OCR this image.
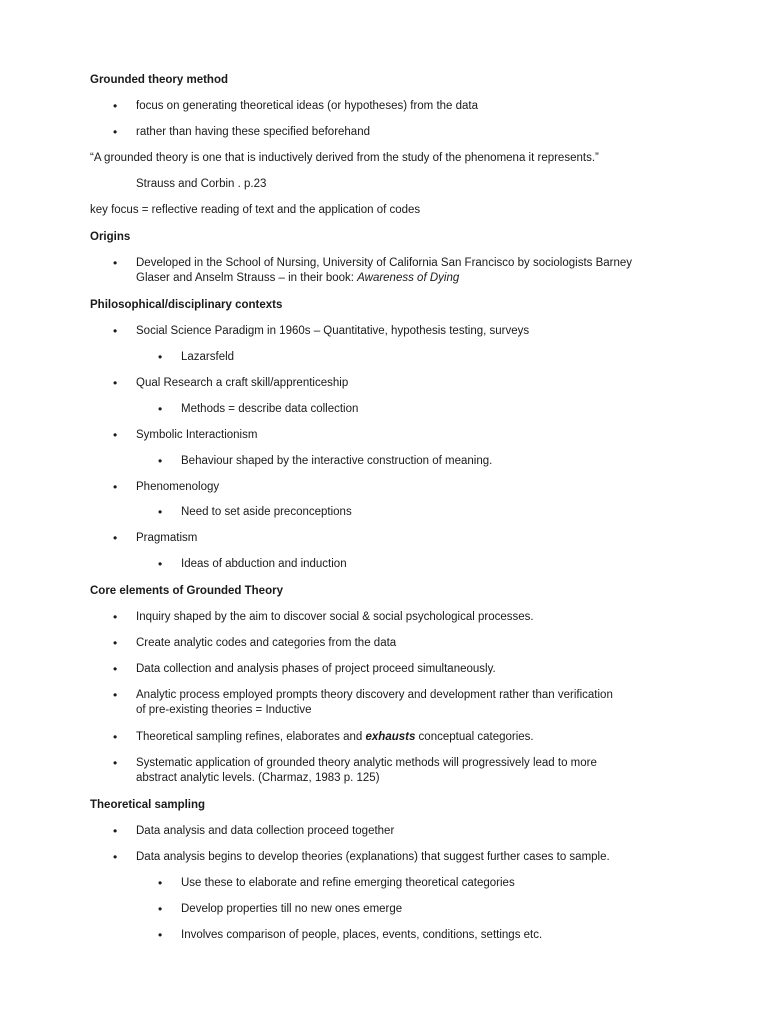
Grounded theory method
• focus on generating theoretical ideas (or hypotheses) from the data
• rather than having these specified beforehand
“A grounded theory is one that is inductively derived from the study of the phenomena it represents.”
Strauss and Corbin . p.23
key focus = reflective reading of text and the application of codes
Origins
• Developed in the School of Nursing, University of California San Francisco by sociologists Barney
Glaser and Anselm Strauss – in their book: Awareness of Dying
Philosophical/disciplinary contexts
• Social Science Paradigm in 1960s – Quantitative, hypothesis testing, surveys
• Lazarsfeld
• Qual Research a craft skill/apprenticeship
• Methods = describe data collection
• Symbolic Interactionism
• Behaviour shaped by the interactive construction of meaning.
• Phenomenology
• Need to set aside preconceptions
• Pragmatism
• Ideas of abduction and induction
Core elements of Grounded Theory
• Inquiry shaped by the aim to discover social & social psychological processes.
• Create analytic codes and categories from the data
• Data collection and analysis phases of project proceed simultaneously.
• Analytic process employed prompts theory discovery and development rather than verification
of pre-existing theories = Inductive
• Theoretical sampling refines, elaborates and exhausts conceptual categories.
• Systematic application of grounded theory analytic methods will progressively lead to more
abstract analytic levels. (Charmaz, 1983 p. 125)
Theoretical sampling
• Data analysis and data collection proceed together
• Data analysis begins to develop theories (explanations) that suggest further cases to sample.
• Use these to elaborate and refine emerging theoretical categories
• Develop properties till no new ones emerge
• Involves comparison of people, places, events, conditions, settings etc.
